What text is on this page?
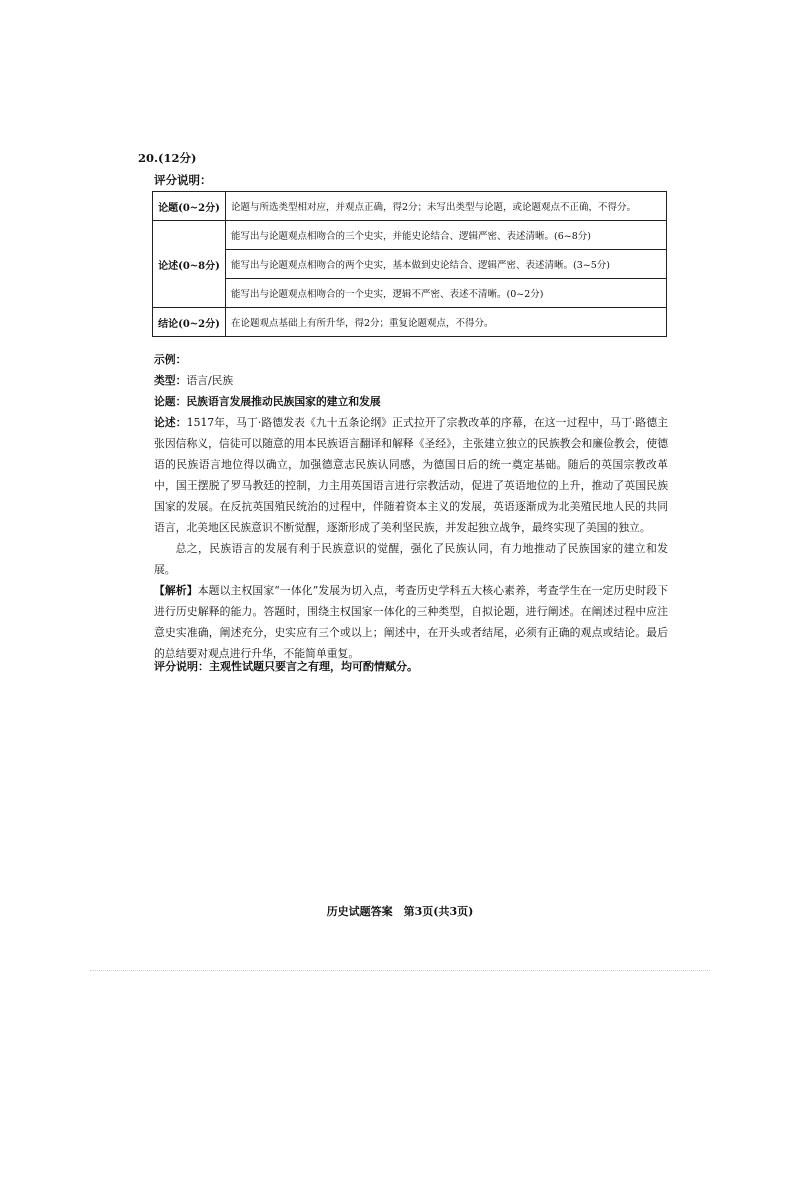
20.(12分)
评分说明：
论题(0~2分)	论题与所选类型相对应，并观点正确，得2分；未写出类型与论题，或论题观点不正确，不得分。
论述(0~8分)	能写出与论题观点相吻合的三个史实，并能史论结合、逻辑严密、表述清晰。(6~8分)
	能写出与论题观点相吻合的两个史实，基本做到史论结合、逻辑严密、表述清晰。(3~5分)
	能写出与论题观点相吻合的一个史实，逻辑不严密、表述不清晰。(0~2分)
结论(0~2分)	在论题观点基础上有所升华，得2分；重复论题观点，不得分。

示例：

类型：语言/民族

论题：民族语言发展推动民族国家的建立和发展

论述：1517年，马丁·路德发表《九十五条论纲》正式拉开了宗教改革的序幕，在这一过程中，马丁·路德主张因信称义，信徒可以随意的用本民族语言翻译和解释《圣经》，主张建立独立的民族教会和廉俭教会，使德语的民族语言地位得以确立，加强德意志民族认同感，为德国日后的统一奠定基础。随后的英国宗教改革中，国王摆脱了罗马教廷的控制，力主用英国语言进行宗教活动，促进了英语地位的上升，推动了英国民族国家的发展。在反抗英国殖民统治的过程中，伴随着资本主义的发展，英语逐渐成为北美殖民地人民的共同语言，北美地区民族意识不断觉醒，逐渐形成了美利坚民族，并发起独立战争，最终实现了美国的独立。

总之，民族语言的发展有利于民族意识的觉醒，强化了民族认同，有力地推动了民族国家的建立和发展。

【解析】本题以主权国家“一体化”发展为切入点，考查历史学科五大核心素养，考查学生在一定历史时段下进行历史解释的能力。答题时，围绕主权国家一体化的三种类型，自拟论题，进行阐述。在阐述过程中应注意史实准确，阐述充分，史实应有三个或以上；阐述中，在开头或者结尾，必须有正确的观点或结论。最后的总结要对观点进行升华，不能简单重复。

评分说明：主观性试题只要言之有理，均可酌情赋分。
历史试题答案　第3页(共3页)
